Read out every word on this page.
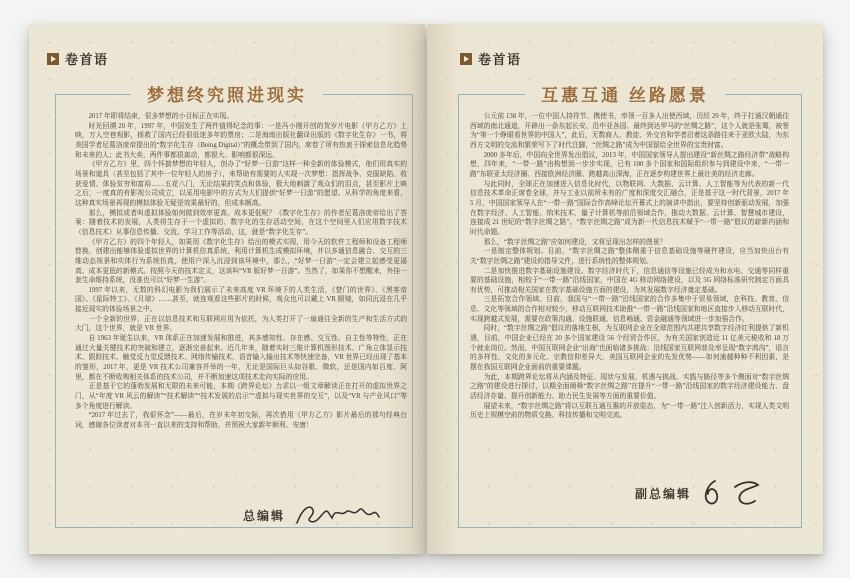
卷首语
梦想终究照进现实

2017 年即将结束，很多梦想的小目标正在实现。

时光回溯 20 年，1997 年，中国发生了两件值得纪念的事：一是冯小刚开创的贺岁片电影《甲方乙方》上映，万人空巷观影，拯救了国内已经很低迷多年的票房；二是海南出版社翻译出版的《数字化生存》一书，将美国学者尼葛洛庞帝提出的“数字化生存（Being Digital）”的概念带到了国内，席卷了所有热衷于探索信息化趋势和未来的人；此书大卖，两件事都很轰动，都很大、影响都很深远。

《甲方乙方》里，四个怀揣梦想的年轻人，创办了“好梦一日游”这样一种全新的体验模式，他们用真实的场景和道具（甚至包括了其中一位年轻人的房子），来帮助有需要的人实现一次梦想：指挥战争、克服缺陷、收获爱情、体验贫穷和富裕……五花八门，无论结果的笑点和体验，极大地刺激了观众们的泪点，甚至影片上映之后，一度真的有影视公司成立，以采用电影中的方式为人们提供“好梦一日游”的愿望。从科学的角度来看，这种真实场景再现的模拟体验无疑是效果最好的，但成本颇高。

那么，模拟或者叫虚拟体验如何做到效率更高、成本更低呢？《数字化生存》的作者尼葛洛庞帝给出了答案：随着技术的发展，人类将生存于一个虚拟的、数字化的生存活动空间，在这个空间里人们应用数字技术（信息技术）从事信息传播、交流、学习工作等活动，这，就是“数字化生存”。

《甲方乙方》的四个年轻人，如果用《数字化生存》给出的模式实现，用今天的软件工程师和设备工程师替换，创建出能够体验虚拟世界的计算机仿真系统，利用计算机生成模拟环境，并以多通信息融合、交互的三维动态视景和实体行为系统仿真，使用户深入沉浸到该环境中，那么，“好梦一日游”一定会建立起感受更逼真、成本更低的新模式。按照今天的技术定义，这该叫“VR 版好梦一日游”。当然了，如果你不想醒来，外挂一套生命维持系统，没准也可以“好梦一生游”。

1997 年以来，无数的科幻电影为我们展示了未来高度 VR 环境下的人类生活，《楚门的世界》、《黑客帝国》、《星际特工》、《月球》……甚至，就连观看这些影片的时候，观众也可以戴上 VR 眼镜，如同沉浸在几乎接近现实的体验场景之中。

一个全新的世界，正在以信息技术和互联网应用为依托，为人类打开了一扇通往全新的生产和生活方式的大门，这个世界，就是 VR 世界。

自 1963 年诞生以来，VR 体系正在加速发展和推进，其多感知性、存在感、交互性、自主性等特性，正在通过大量关键技术的突破和建立，逐渐完善起来。近几年来，随着实时三维计算机图形技术、广角立体显示技术、跟踪技术、触觉反力觉反馈技术、网络传输技术、语音输入输出技术等快速完备，VR 世界已经出现了基本的雏形，2017 年，更是 VR 技术公司兼容并举的一年，无论是国际巨头如谷歌、微软，还是国内如百度、阿里，都在不断收购相关体系的技术公司，并不断加速这项技术走向实际的应用。

正是基于它的蓬勃发展和无限的未来可能，本期《跨界论坛》力求以一组文章解读正在打开的虚拟世界之门，从“年度 VR 风云的解读”“技术解读”“技术发展的启示”“虚拟与现实世界的交互”，以及“VR 与产业风口”等多个角度进行解读。

“2017 年过去了，我很怀念”——最后，在岁末年初交际，再次借用《甲方乙方》影片最后的那句经典台词，感谢各位读者对本刊一直以来的支持和帮助，并预祝大家新年顺利、安康！

总编辑
卷首语
互惠互通 丝路愿景

公元前 138 年，一位中国人持符节、携使书，率领一百多人出使西域，历经 20 年，终于打通汉朝通往西域的南北通道，开辟出一条东起长安、沿中亚各国、最终到达罗马的“丝绸之路”，这个人就是张骞，被誉为“第一个睁眼看世界的中国人”，此后，无数商人、教徒、外交官和学者沿着这条路往来于亚欧大陆，为东西方文明的交流和繁荣写下了时代注脚，“丝绸之路”成为中国留给全世界的宝贵财富。

2000 多年后，中国向全世界发出倡议，2013 年，中国国家领导人提出建设“新丝绸之路经济带”战略构想，四年来，“一带一路”由构想到一步步实现，已有 100 多个国家和国际组织参与到建设中来，“一带一路”东联亚太经济圈、西接欧洲经济圈、跨越高山深海，正在逐步构建世界上最壮美的经济走廊。

与此同时，全球正在加速进入信息化时代，以物联网、大数据、云计算、人工智能等为代表的新一代信息技术革命正席卷全球，并与工业以前所未有的广度和深度交汇融合，正是基于这一时代背景，2017 年 5 月，中国国家领导人在“一带一路”国际合作高峰论坛开幕式上的演讲中指出，要坚持创新驱动发展，加强在数字经济、人工智能、纳米技术、量子计算机等前沿领域合作，推动大数据、云计算、智慧城市建设，连接成 21 世纪的“数字丝绸之路”。“数字丝绸之路”成为新一代信息技术赋予“一带一路”倡议的崭新内涵和时代命题。

那么，“数字丝绸之路”应如何建设，又将呈现出怎样的图景？

一是制定整体规划。目前，“数字丝绸之路”整体侧重于信息基础设施等硬件建设，应当加快出台有关“数字丝绸之路”建设的指导文件，进行系统性的整体规划。

二是加快推进数字基础设施建设。数字经济时代下，信息通信等设施已经成为和水电、交通等同样重要的基础设施，相较于“一带一路”沿线国家，中国在 4G 移动网络建设，以及 5G 网络标准研究制定方面具有优势，可推动相关国家在数字基础设施方面的建设，为其发展数字经济奠定基础。

三是拓宽合作领域。目前，我国与“一带一路”沿线国家的合作多集中于贸易领域，在科技、教育、信息、文化等领域的合作相对较少，移动互联网技术助推“一带一路”沿线国家和地区直接步入移动互联时代，实现跨越式发展，需要在政策沟通、设施联通、信息畅通、资金融通等领域进一步加强合作。

同时，“数字丝绸之路”倡议的落地生根，为互联网企业在全球范围内共建共享数字经济红利提供了新机遇，目前，中国企业已经在 20 多个国家建设 56 个经贸合作区，为有关国家创造近 11 亿美元税收和 18 万个就业岗位。然而，中国互联网企业“出海”也面临诸多挑战：沿线国家互联网普及率呈现“数字鸿沟”，语言的多样性、文化的多元化、宗教信仰差异大，美国互联网企业的先发优势——如何逾越种种不利因素，是摆在我国互联网企业面前的重要课题。

为此，本期跨界论坛将从内涵及特征、现状与发展、机遇与挑战、实践与路径等多个侧面对“数字丝绸之路”的建设进行探讨，以期全面阐释“数字丝绸之路”在提升“一带一路”沿线国家的数字经济建设能力、盘活经济存量、提升创新能力、助力民生发展等方面的重要价值。

展望未来，“数字丝绸之路”将以互联互通互惠的开放姿态，为“一带一路”注入创新活力，实现人类文明历史上规模空前的物质交换、科技传播和文明交流。

副总编辑
